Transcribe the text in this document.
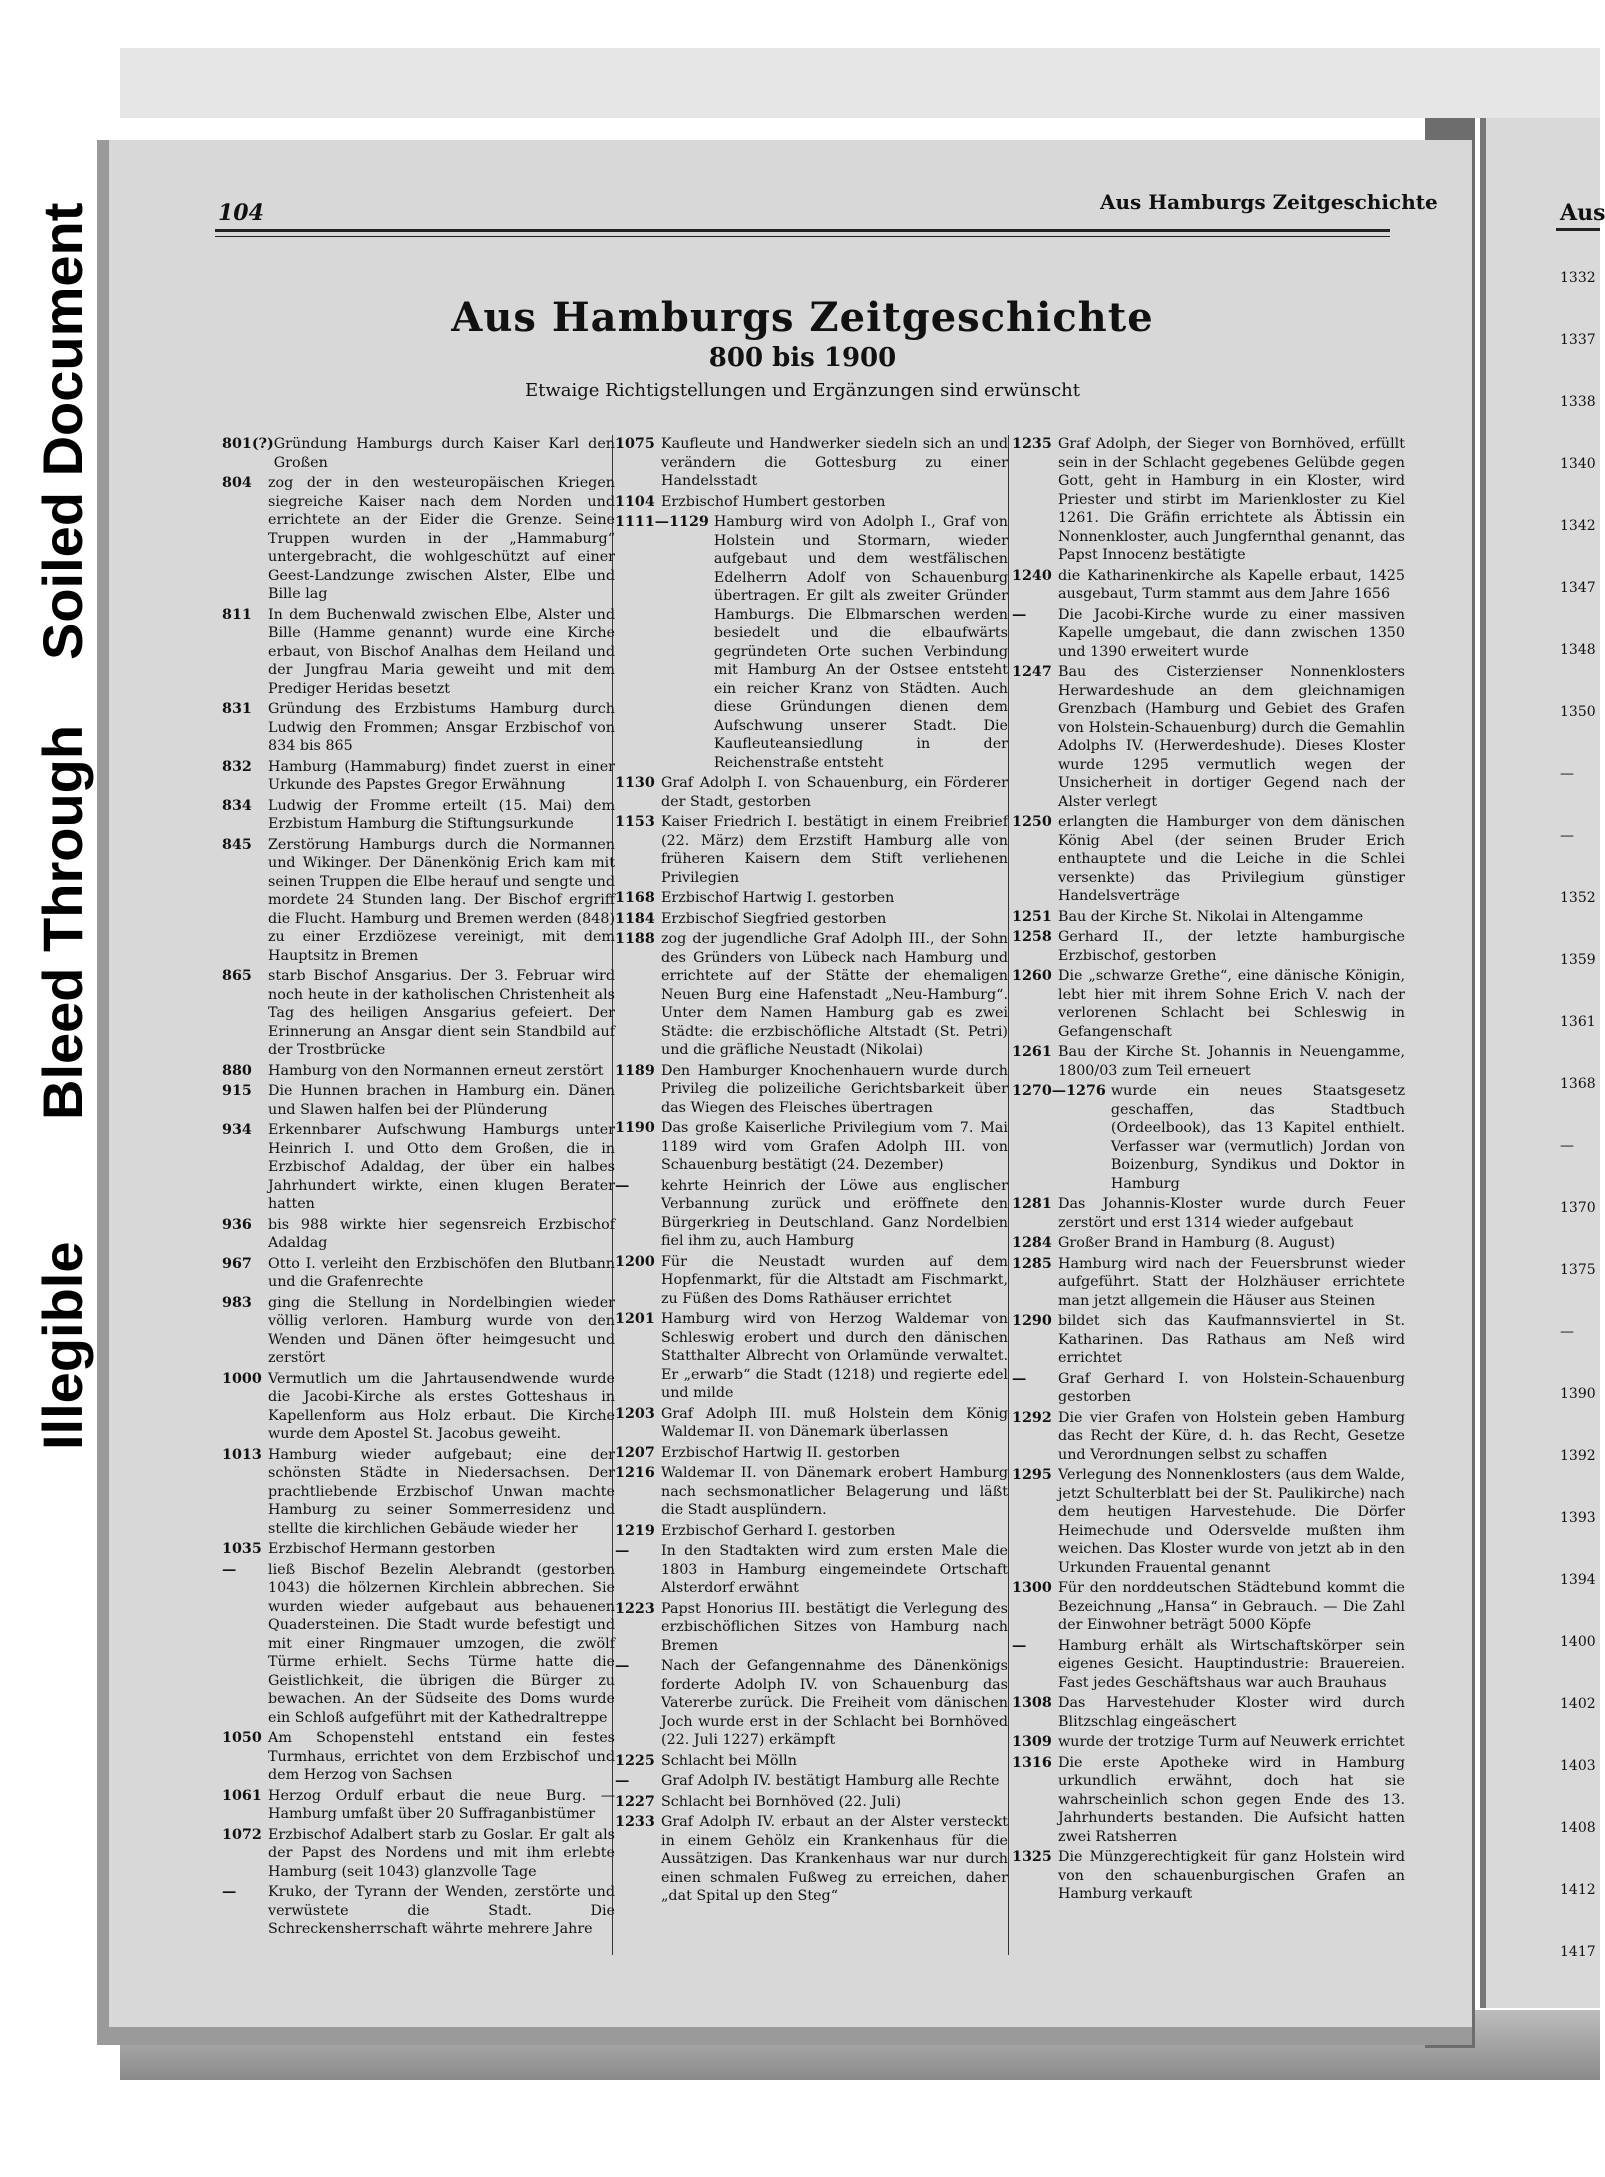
Illegible
Bleed Through
Soiled Document	Aus
1332
1337
1338
1340
1342
1347
1348
1350
—
—
1352
1359
1361
1368
—
1370
1375
—
1390
1392
1393
1394
1400
1402
1403
1408
1412
1417
104	Aus Hamburgs Zeitgeschichte
Aus Hamburgs Zeitgeschichte
800 bis 1900
Etwaige Richtigstellungen und Ergänzungen sind erwünscht
801(?) Gründung Hamburgs durch Kaiser Karl den Großen
804	zog der in den westeuropäischen Kriegen siegreiche Kaiser nach dem Norden und errichtete an der Eider die Grenze. Seine Truppen wurden in der „Hammaburg“ untergebracht, die wohlgeschützt auf einer Geest-Landzunge zwischen Alster, Elbe und Bille lag
811	In dem Buchenwald zwischen Elbe, Alster und Bille (Hamme genannt) wurde eine Kirche erbaut, von Bischof Analhas dem Heiland und der Jungfrau Maria geweiht und mit dem Prediger Heridas besetzt
831	Gründung des Erzbistums Hamburg durch Ludwig den Frommen; Ansgar Erzbischof von 834 bis 865
832	Hamburg (Hammaburg) findet zuerst in einer Urkunde des Papstes Gregor Erwähnung
834	Ludwig der Fromme erteilt (15. Mai) dem Erzbistum Hamburg die Stiftungsurkunde
845	Zerstörung Hamburgs durch die Normannen und Wikinger. Der Dänenkönig Erich kam mit seinen Truppen die Elbe herauf und sengte und mordete 24 Stunden lang. Der Bischof ergriff die Flucht. Hamburg und Bremen werden (848) zu einer Erzdiözese vereinigt, mit dem Hauptsitz in Bremen
865	starb Bischof Ansgarius. Der 3. Februar wird noch heute in der katholischen Christenheit als Tag des heiligen Ansgarius gefeiert. Der Erinnerung an Ansgar dient sein Standbild auf der Trostbrücke
880	Hamburg von den Normannen erneut zerstört
915	Die Hunnen brachen in Hamburg ein. Dänen und Slawen halfen bei der Plünderung
934	Erkennbarer Aufschwung Hamburgs unter Heinrich I. und Otto dem Großen, die in Erzbischof Adaldag, der über ein halbes Jahrhundert wirkte, einen klugen Berater hatten
936	bis 988 wirkte hier segensreich Erzbischof Adaldag
967	Otto I. verleiht den Erzbischöfen den Blutbann und die Grafenrechte
983	ging die Stellung in Nordelbingien wieder völlig verloren. Hamburg wurde von den Wenden und Dänen öfter heimgesucht und zerstört
1000 Vermutlich um die Jahrtausendwende wurde die Jacobi-Kirche als erstes Gotteshaus in Kapellenform aus Holz erbaut. Die Kirche wurde dem Apostel St. Jacobus geweiht.
1013 Hamburg wieder aufgebaut; eine der schönsten Städte in Niedersachsen. Der prachtliebende Erzbischof Unwan machte Hamburg zu seiner Sommerresidenz und stellte die kirchlichen Gebäude wieder her
1035 Erzbischof Hermann gestorben
—	ließ Bischof Bezelin Alebrandt (gestorben 1043) die hölzernen Kirchlein abbrechen. Sie wurden wieder aufgebaut aus behauenen Quadersteinen. Die Stadt wurde befestigt und mit einer Ringmauer umzogen, die zwölf Türme erhielt. Sechs Türme hatte die Geistlichkeit, die übrigen die Bürger zu bewachen. An der Südseite des Doms wurde ein Schloß aufgeführt mit der Kathedraltreppe
1050 Am Schopenstehl entstand ein festes Turmhaus, errichtet von dem Erzbischof und dem Herzog von Sachsen
1061 Herzog Ordulf erbaut die neue Burg. — Hamburg umfaßt über 20 Suffraganbistümer
1072 Erzbischof Adalbert starb zu Goslar. Er galt als der Papst des Nordens und mit ihm erlebte Hamburg (seit 1043) glanzvolle Tage
—	Kruko, der Tyrann der Wenden, zerstörte und verwüstete die Stadt. Die Schreckensherrschaft währte mehrere Jahre
1075 Kaufleute und Handwerker siedeln sich an und verändern die Gottesburg zu einer Handelsstadt
1104 Erzbischof Humbert gestorben
1111—1129 Hamburg wird von Adolph I., Graf von Holstein und Stormarn, wieder aufgebaut und dem westfälischen Edelherrn Adolf von Schauenburg übertragen. Er gilt als zweiter Gründer Hamburgs. Die Elbmarschen werden besiedelt und die elbaufwärts gegründeten Orte suchen Verbindung mit Hamburg An der Ostsee entsteht ein reicher Kranz von Städten. Auch diese Gründungen dienen dem Aufschwung unserer Stadt. Die Kaufleuteansiedlung in der Reichenstraße entsteht
1130 Graf Adolph I. von Schauenburg, ein Förderer der Stadt, gestorben
1153 Kaiser Friedrich I. bestätigt in einem Freibrief (22. März) dem Erzstift Hamburg alle von früheren Kaisern dem Stift verliehenen Privilegien
1168 Erzbischof Hartwig I. gestorben
1184 Erzbischof Siegfried gestorben
1188 zog der jugendliche Graf Adolph III., der Sohn des Gründers von Lübeck nach Hamburg und errichtete auf der Stätte der ehemaligen Neuen Burg eine Hafenstadt „Neu-Hamburg“. Unter dem Namen Hamburg gab es zwei Städte: die erzbischöfliche Altstadt (St. Petri) und die gräfliche Neustadt (Nikolai)
1189 Den Hamburger Knochenhauern wurde durch Privileg die polizeiliche Gerichtsbarkeit über das Wiegen des Fleisches übertragen
1190 Das große Kaiserliche Privilegium vom 7. Mai 1189 wird vom Grafen Adolph III. von Schauenburg bestätigt (24. Dezember)
—	kehrte Heinrich der Löwe aus englischer Verbannung zurück und eröffnete den Bürgerkrieg in Deutschland. Ganz Nordelbien fiel ihm zu, auch Hamburg
1200 Für die Neustadt wurden auf dem Hopfenmarkt, für die Altstadt am Fischmarkt, zu Füßen des Doms Rathäuser errichtet
1201 Hamburg wird von Herzog Waldemar von Schleswig erobert und durch den dänischen Statthalter Albrecht von Orlamünde verwaltet. Er „erwarb“ die Stadt (1218) und regierte edel und milde
1203 Graf Adolph III. muß Holstein dem König Waldemar II. von Dänemark überlassen
1207 Erzbischof Hartwig II. gestorben
1216 Waldemar II. von Dänemark erobert Hamburg nach sechsmonatlicher Belagerung und läßt die Stadt ausplündern.
1219 Erzbischof Gerhard I. gestorben
—	In den Stadtakten wird zum ersten Male die 1803 in Hamburg eingemeindete Ortschaft Alsterdorf erwähnt
1223 Papst Honorius III. bestätigt die Verlegung des erzbischöflichen Sitzes von Hamburg nach Bremen
—	Nach der Gefangennahme des Dänenkönigs forderte Adolph IV. von Schauenburg das Vatererbe zurück. Die Freiheit vom dänischen Joch wurde erst in der Schlacht bei Bornhöved (22. Juli 1227) erkämpft
1225 Schlacht bei Mölln
—	Graf Adolph IV. bestätigt Hamburg alle Rechte
1227 Schlacht bei Bornhöved (22. Juli)
1233 Graf Adolph IV. erbaut an der Alster versteckt in einem Gehölz ein Krankenhaus für die Aussätzigen. Das Krankenhaus war nur durch einen schmalen Fußweg zu erreichen, daher „dat Spital up den Steg“
1235 Graf Adolph, der Sieger von Bornhöved, erfüllt sein in der Schlacht gegebenes Gelübde gegen Gott, geht in Hamburg in ein Kloster, wird Priester und stirbt im Marienkloster zu Kiel 1261. Die Gräfin errichtete als Äbtissin ein Nonnenkloster, auch Jungfernthal genannt, das Papst Innocenz bestätigte
1240 die Katharinenkirche als Kapelle erbaut, 1425 ausgebaut, Turm stammt aus dem Jahre 1656
—	Die Jacobi-Kirche wurde zu einer massiven Kapelle umgebaut, die dann zwischen 1350 und 1390 erweitert wurde
1247 Bau des Cisterzienser Nonnenklosters Herwardeshude an dem gleichnamigen Grenzbach (Hamburg und Gebiet des Grafen von Holstein-Schauenburg) durch die Gemahlin Adolphs IV. (Herwerdeshude). Dieses Kloster wurde 1295 vermutlich wegen der Unsicherheit in dortiger Gegend nach der Alster verlegt
1250 erlangten die Hamburger von dem dänischen König Abel (der seinen Bruder Erich enthauptete und die Leiche in die Schlei versenkte) das Privilegium günstiger Handelsverträge
1251 Bau der Kirche St. Nikolai in Altengamme
1258 Gerhard II., der letzte hamburgische Erzbischof, gestorben
1260 Die „schwarze Grethe“, eine dänische Königin, lebt hier mit ihrem Sohne Erich V. nach der verlorenen Schlacht bei Schleswig in Gefangenschaft
1261 Bau der Kirche St. Johannis in Neuengamme, 1800/03 zum Teil erneuert
1270—1276 wurde ein neues Staatsgesetz geschaffen, das Stadtbuch (Ordeelbook), das 13 Kapitel enthielt. Verfasser war (vermutlich) Jordan von Boizenburg, Syndikus und Doktor in Hamburg
1281 Das Johannis-Kloster wurde durch Feuer zerstört und erst 1314 wieder aufgebaut
1284 Großer Brand in Hamburg (8. August)
1285 Hamburg wird nach der Feuersbrunst wieder aufgeführt. Statt der Holzhäuser errichtete man jetzt allgemein die Häuser aus Steinen
1290 bildet sich das Kaufmannsviertel in St. Katharinen. Das Rathaus am Neß wird errichtet
—	Graf Gerhard I. von Holstein-Schauenburg gestorben
1292 Die vier Grafen von Holstein geben Hamburg das Recht der Küre, d. h. das Recht, Gesetze und Verordnungen selbst zu schaffen
1295 Verlegung des Nonnenklosters (aus dem Walde, jetzt Schulterblatt bei der St. Paulikirche) nach dem heutigen Harvestehude. Die Dörfer Heimechude und Odersvelde mußten ihm weichen. Das Kloster wurde von jetzt ab in den Urkunden Frauental genannt
1300 Für den norddeutschen Städtebund kommt die Bezeichnung „Hansa“ in Gebrauch. — Die Zahl der Einwohner beträgt 5000 Köpfe
—	Hamburg erhält als Wirtschaftskörper sein eigenes Gesicht. Hauptindustrie: Brauereien. Fast jedes Geschäftshaus war auch Brauhaus
1308 Das Harvestehuder Kloster wird durch Blitzschlag eingeäschert
1309 wurde der trotzige Turm auf Neuwerk errichtet
1316 Die erste Apotheke wird in Hamburg urkundlich erwähnt, doch hat sie wahrscheinlich schon gegen Ende des 13. Jahrhunderts bestanden. Die Aufsicht hatten zwei Ratsherren
1325 Die Münzgerechtigkeit für ganz Holstein wird von den schauenburgischen Grafen an Hamburg verkauft
